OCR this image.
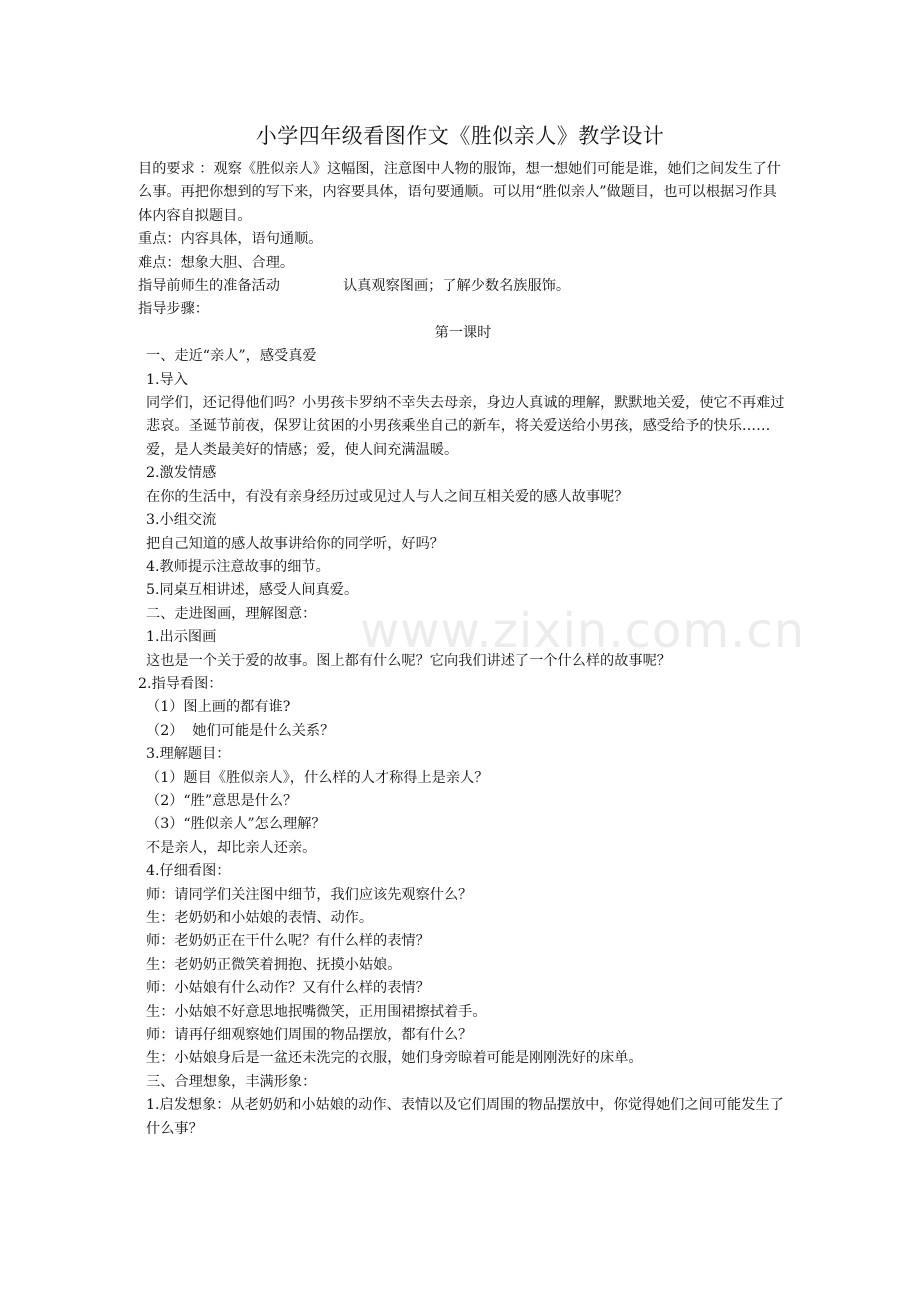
小学四年级看图作文《胜似亲人》教学设计

目的要求 ：观察《胜似亲人》这幅图，注意图中人物的服饰，想一想她们可能是谁，她们之间发生了什么事。再把你想到的写下来，内容要具体，语句要通顺。可以用“胜似亲人”做题目，也可以根据习作具体内容自拟题目。

重点：内容具体，语句通顺。

难点：想象大胆、合理。

指导前师生的准备活动              认真观察图画；了解少数名族服饰。

指导步骤：

第一课时

一、走近“亲人”，感受真爱

1.导入

同学们，还记得他们吗？小男孩卡罗纳不幸失去母亲，身边人真诚的理解，默默地关爱，使它不再难过悲哀。圣诞节前夜，保罗让贫困的小男孩乘坐自己的新车，将关爱送给小男孩，感受给予的快乐……爱，是人类最美好的情感；爱，使人间充满温暖。

2.激发情感

在你的生活中，有没有亲身经历过或见过人与人之间互相关爱的感人故事呢？

3.小组交流

把自己知道的感人故事讲给你的同学听，好吗？

4.教师提示注意故事的细节。

5.同桌互相讲述，感受人间真爱。

二、走进图画，理解图意：

1.出示图画

这也是一个关于爱的故事。图上都有什么呢？它向我们讲述了一个什么样的故事呢？

2.指导看图：

（1）图上画的都有谁?

（2）  她们可能是什么关系？

3.理解题目：

（1）题目《胜似亲人》，什么样的人才称得上是亲人？

（2）“胜”意思是什么？

（3）“胜似亲人”怎么理解？

不是亲人，却比亲人还亲。

4.仔细看图：

师：请同学们关注图中细节，我们应该先观察什么？

生：老奶奶和小姑娘的表情、动作。

师：老奶奶正在干什么呢？有什么样的表情？

生：老奶奶正微笑着拥抱、抚摸小姑娘。

师：小姑娘有什么动作？又有什么样的表情？

生：小姑娘不好意思地抿嘴微笑，正用围裙擦拭着手。

师：请再仔细观察她们周围的物品摆放，都有什么？

生：小姑娘身后是一盆还未洗完的衣服，她们身旁晾着可能是刚刚洗好的床单。

三、合理想象，丰满形象：

1.启发想象：从老奶奶和小姑娘的动作、表情以及它们周围的物品摆放中，你觉得她们之间可能发生了什么事？

www.zixin.com.cn
